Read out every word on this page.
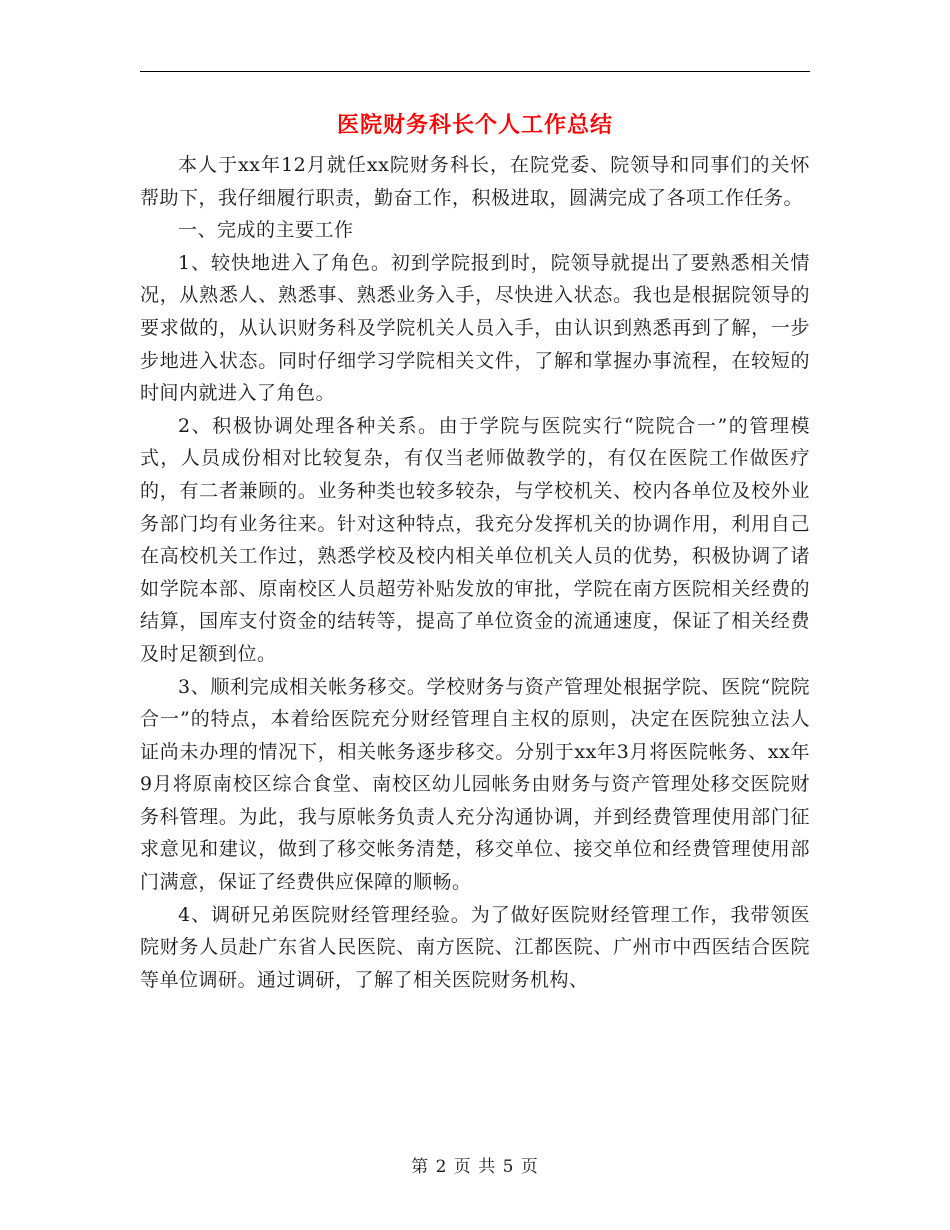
医院财务科长个人工作总结

本人于xx年12月就任xx院财务科长，在院党委、院领导和同事们的关怀帮助下，我仔细履行职责，勤奋工作，积极进取，圆满完成了各项工作任务。

一、完成的主要工作

1、较快地进入了角色。初到学院报到时，院领导就提出了要熟悉相关情况，从熟悉人、熟悉事、熟悉业务入手，尽快进入状态。我也是根据院领导的要求做的，从认识财务科及学院机关人员入手，由认识到熟悉再到了解，一步步地进入状态。同时仔细学习学院相关文件，了解和掌握办事流程，在较短的时间内就进入了角色。

2、积极协调处理各种关系。由于学院与医院实行“院院合一”的管理模式，人员成份相对比较复杂，有仅当老师做教学的，有仅在医院工作做医疗的，有二者兼顾的。业务种类也较多较杂，与学校机关、校内各单位及校外业务部门均有业务往来。针对这种特点，我充分发挥机关的协调作用，利用自己在高校机关工作过，熟悉学校及校内相关单位机关人员的优势，积极协调了诸如学院本部、原南校区人员超劳补贴发放的审批，学院在南方医院相关经费的结算，国库支付资金的结转等，提高了单位资金的流通速度，保证了相关经费及时足额到位。

3、顺利完成相关帐务移交。学校财务与资产管理处根据学院、医院“院院合一”的特点，本着给医院充分财经管理自主权的原则，决定在医院独立法人证尚未办理的情况下，相关帐务逐步移交。分别于xx年3月将医院帐务、xx年9月将原南校区综合食堂、南校区幼儿园帐务由财务与资产管理处移交医院财务科管理。为此，我与原帐务负责人充分沟通协调，并到经费管理使用部门征求意见和建议，做到了移交帐务清楚，移交单位、接交单位和经费管理使用部门满意，保证了经费供应保障的顺畅。

4、调研兄弟医院财经管理经验。为了做好医院财经管理工作，我带领医院财务人员赴广东省人民医院、南方医院、江都医院、广州市中西医结合医院等单位调研。通过调研，了解了相关医院财务机构、

第 2 页 共 5 页
